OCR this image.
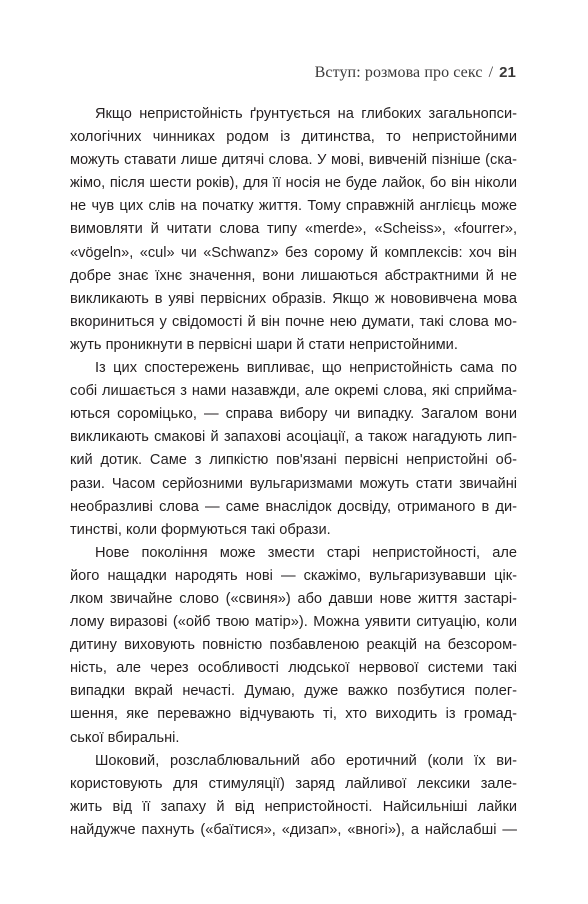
Вступ: розмова про секс / 21
Якщо непристойність ґрунтується на глибоких загальнопси-
хологічних чинниках родом із дитинства, то непристойними
можуть ставати лише дитячі слова. У мові, вивченій пізніше (ска-
жімо, після шести років), для її носія не буде лайок, бо він ніколи
не чув цих слів на початку життя. Тому справжній англієць може
вимовляти й читати слова типу «merde», «Scheiss», «fourrer»,
«vögeln», «cul» чи «Schwanz» без сорому й комплексів: хоч він
добре знає їхнє значення, вони лишаються абстрактними й не
викликають в уяві первісних образів. Якщо ж нововивчена мова
вкориниться у свідомості й він почне нею думати, такі слова мо-
жуть проникнути в первісні шари й стати непристойними.
Із цих спостережень випливає, що непристойність сама по
собі лишається з нами назавжди, але окремі слова, які сприйма-
ються сороміцько, — справа вибору чи випадку. Загалом вони
викликають смакові й запахові асоціації, а також нагадують лип-
кий дотик. Саме з липкістю пов'язані первісні непристойні об-
рази. Часом серйозними вульгаризмами можуть стати звичайні
необразливі слова — саме внаслідок досвіду, отриманого в ди-
тинстві, коли формуються такі образи.
Нове покоління може змести старі непристойності, але
його нащадки народять нові — скажімо, вульгаризувавши цік-
лком звичайне слово («свиня») або давши нове життя застарі-
лому виразові («ойб твою матір»). Можна уявити ситуацію, коли
дитину виховують повністю позбавленою реакцій на безсором-
ність, але через особливості людської нервової системи такі
випадки вкрай нечасті. Думаю, дуже важко позбутися полег-
шення, яке переважно відчувають ті, хто виходить із громад-
ської вбиральні.
Шоковий, розслаблювальний або еротичний (коли їх ви-
користовують для стимуляції) заряд лайливої лексики зале-
жить від її запаху й від непристойності. Найсильніші лайки
найдужче пахнуть («баїтися», «дизап», «вногі»), а найслабші —
